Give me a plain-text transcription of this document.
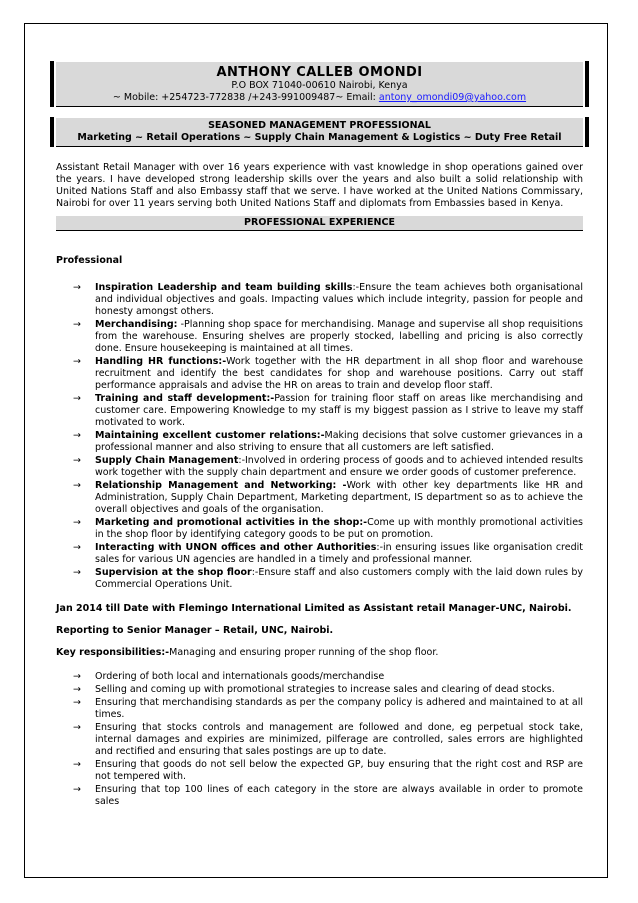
ANTHONY CALLEB OMONDI
P.O BOX 71040-00610 Nairobi, Kenya
~ Mobile: +254723-772838 /+243-991009487~ Email: antony_omondi09@yahoo.com
SEASONED MANAGEMENT PROFESSIONAL
Marketing ~ Retail Operations ~ Supply Chain Management & Logistics ~ Duty Free Retail
Assistant Retail Manager with over 16 years experience with vast knowledge in shop operations gained over the years. I have developed strong leadership skills over the years and also built a solid relationship with United Nations Staff and also Embassy staff that we serve. I have worked at the United Nations Commissary, Nairobi for over 11 years serving both United Nations Staff and diplomats from Embassies based in Kenya.
PROFESSIONAL EXPERIENCE
Professional
→ Inspiration Leadership and team building skills:-Ensure the team achieves both organisational and individual objectives and goals. Impacting values which include integrity, passion for people and honesty amongst others.
→ Merchandising: -Planning shop space for merchandising. Manage and supervise all shop requisitions from the warehouse. Ensuring shelves are properly stocked, labelling and pricing is also correctly done. Ensure housekeeping is maintained at all times.
→ Handling HR functions:-Work together with the HR department in all shop floor and warehouse recruitment and identify the best candidates for shop and warehouse positions. Carry out staff performance appraisals and advise the HR on areas to train and develop floor staff.
→ Training and staff development:-Passion for training floor staff on areas like merchandising and customer care. Empowering Knowledge to my staff is my biggest passion as I strive to leave my staff motivated to work.
→ Maintaining excellent customer relations:-Making decisions that solve customer grievances in a professional manner and also striving to ensure that all customers are left satisfied.
→ Supply Chain Management:-Involved in ordering process of goods and to achieved intended results work together with the supply chain department and ensure we order goods of customer preference.
→ Relationship Management and Networking: -Work with other key departments like HR and Administration, Supply Chain Department, Marketing department, IS department so as to achieve the overall objectives and goals of the organisation.
→ Marketing and promotional activities in the shop:-Come up with monthly promotional activities in the shop floor by identifying category goods to be put on promotion.
→ Interacting with UNON offices and other Authorities:-in ensuring issues like organisation credit sales for various UN agencies are handled in a timely and professional manner.
→ Supervision at the shop floor:-Ensure staff and also customers comply with the laid down rules by Commercial Operations Unit.
Jan 2014 till Date with Flemingo International Limited as Assistant retail Manager-UNC, Nairobi.
Reporting to Senior Manager – Retail, UNC, Nairobi.
Key responsibilities:-Managing and ensuring proper running of the shop floor.
→ Ordering of both local and internationals goods/merchandise
→ Selling and coming up with promotional strategies to increase sales and clearing of dead stocks.
→ Ensuring that merchandising standards as per the company policy is adhered and maintained to at all times.
→ Ensuring that stocks controls and management are followed and done, eg perpetual stock take, internal damages and expiries are minimized, pilferage are controlled, sales errors are highlighted and rectified and ensuring that sales postings are up to date.
→ Ensuring that goods do not sell below the expected GP, buy ensuring that the right cost and RSP are not tempered with.
→ Ensuring that top 100 lines of each category in the store are always available in order to promote sales
